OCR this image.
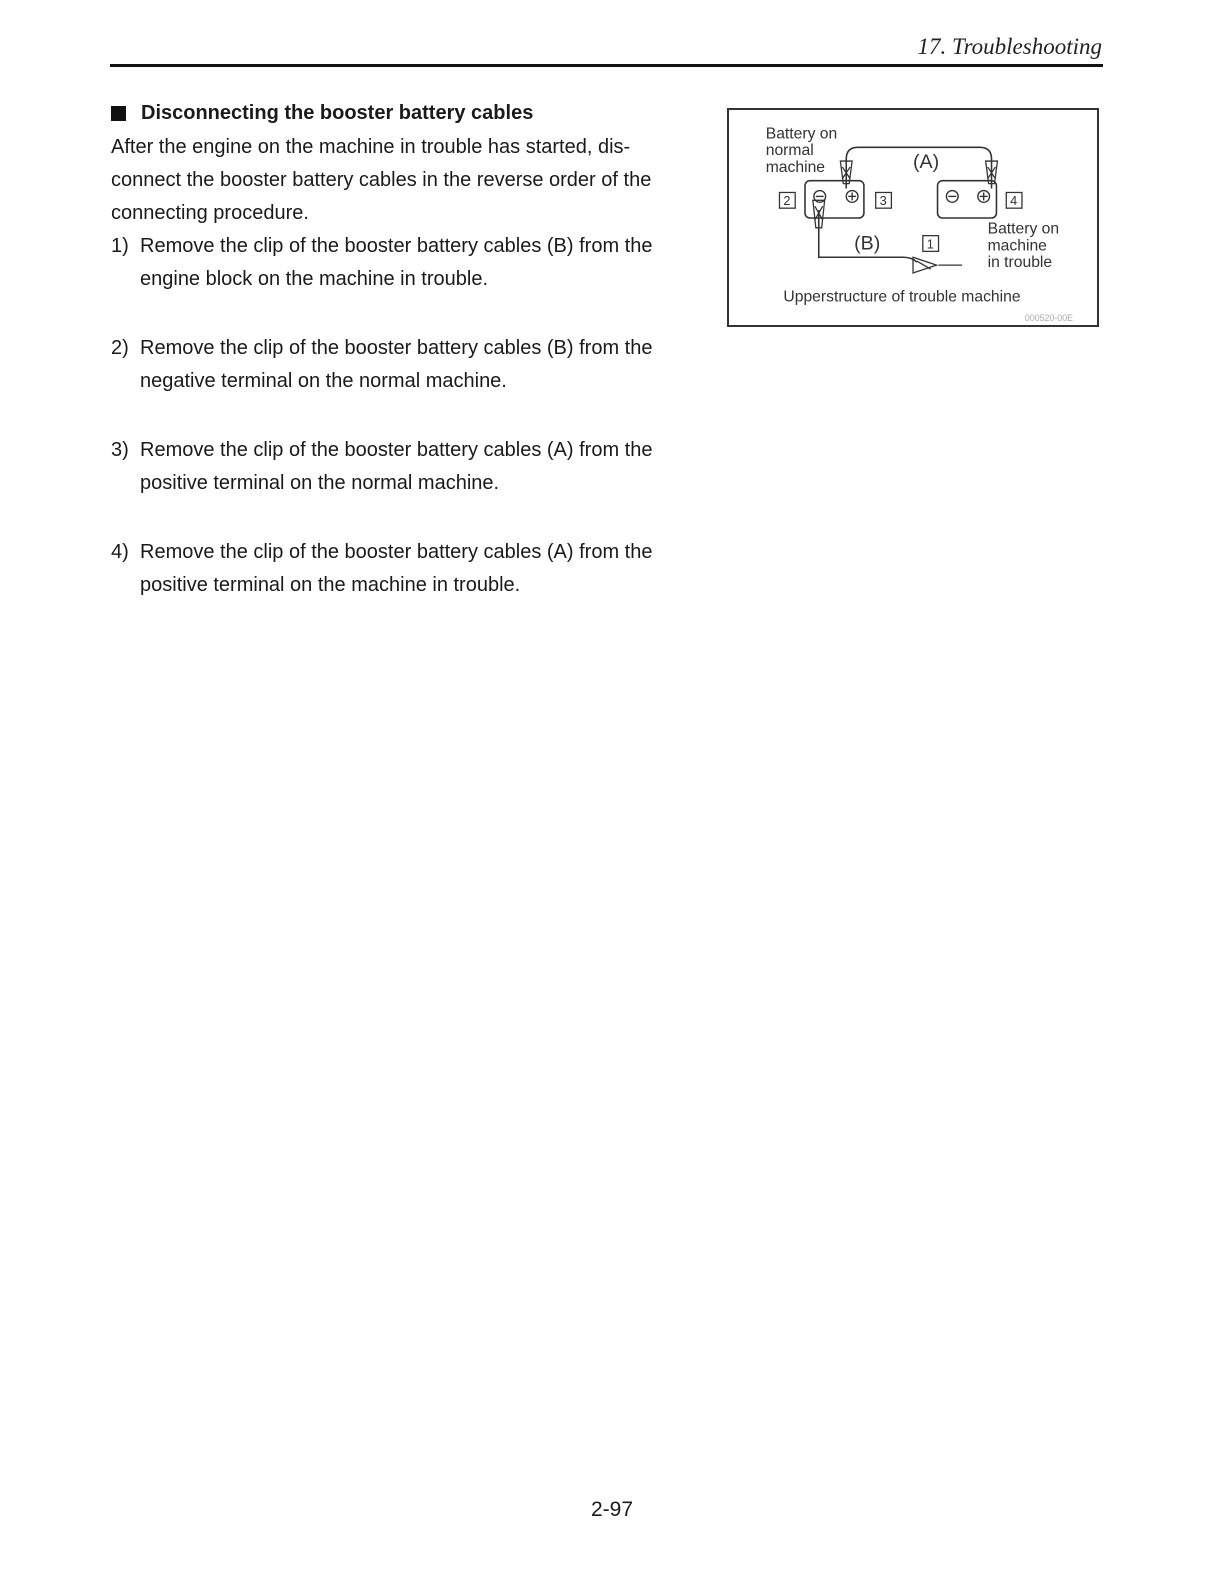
17. Troubleshooting
Disconnecting the booster battery cables

After the engine on the machine in trouble has started, dis-connect the booster battery cables in the reverse order of the connecting procedure.

1) Remove the clip of the booster battery cables (B) from the engine block on the machine in trouble.
2) Remove the clip of the booster battery cables (B) from the negative terminal on the normal machine.
3) Remove the clip of the booster battery cables (A) from the positive terminal on the normal machine.
4) Remove the clip of the booster battery cables (A) from the positive terminal on the machine in trouble.
Battery on
normal
machine	(A)
(B)
Battery on
machine
in trouble
Upperstructure of trouble machine
000520-00E
2	3	4
1
2-97
